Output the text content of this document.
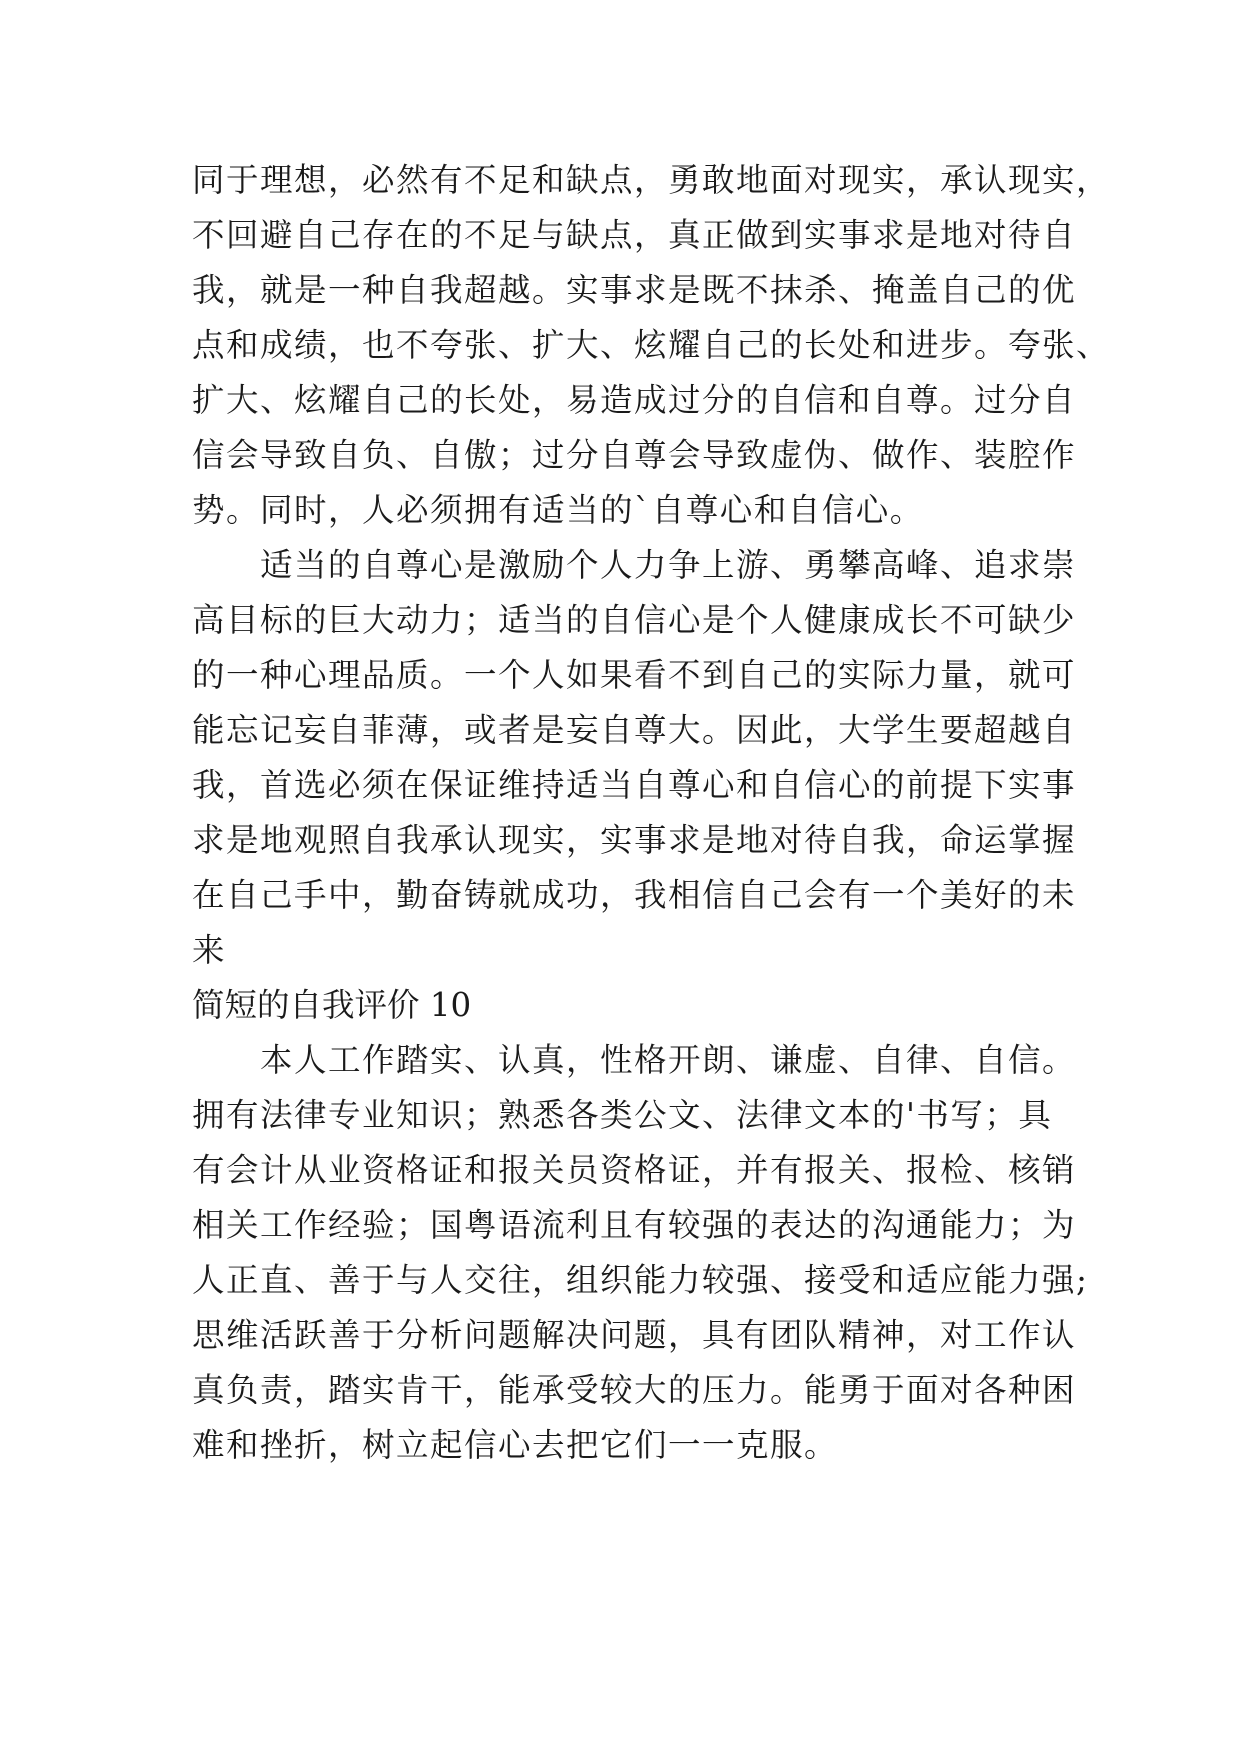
同于理想，必然有不足和缺点，勇敢地面对现实，承认现实，
不回避自己存在的不足与缺点，真正做到实事求是地对待自
我，就是一种自我超越。实事求是既不抹杀、掩盖自己的优
点和成绩，也不夸张、扩大、炫耀自己的长处和进步。夸张、
扩大、炫耀自己的长处，易造成过分的自信和自尊。过分自
信会导致自负、自傲；过分自尊会导致虚伪、做作、装腔作
势。同时，人必须拥有适当的`自尊心和自信心。
　　适当的自尊心是激励个人力争上游、勇攀高峰、追求崇
高目标的巨大动力；适当的自信心是个人健康成长不可缺少
的一种心理品质。一个人如果看不到自己的实际力量，就可
能忘记妄自菲薄，或者是妄自尊大。因此，大学生要超越自
我，首选必须在保证维持适当自尊心和自信心的前提下实事
求是地观照自我承认现实，实事求是地对待自我，命运掌握
在自己手中，勤奋铸就成功，我相信自己会有一个美好的未
来
简短的自我评价 10
　　本人工作踏实、认真，性格开朗、谦虚、自律、自信。
拥有法律专业知识；熟悉各类公文、法律文本的'书写；具
有会计从业资格证和报关员资格证，并有报关、报检、核销
相关工作经验；国粤语流利且有较强的表达的沟通能力；为
人正直、善于与人交往，组织能力较强、接受和适应能力强;
思维活跃善于分析问题解决问题，具有团队精神，对工作认
真负责，踏实肯干，能承受较大的压力。能勇于面对各种困
难和挫折，树立起信心去把它们一一克服。
